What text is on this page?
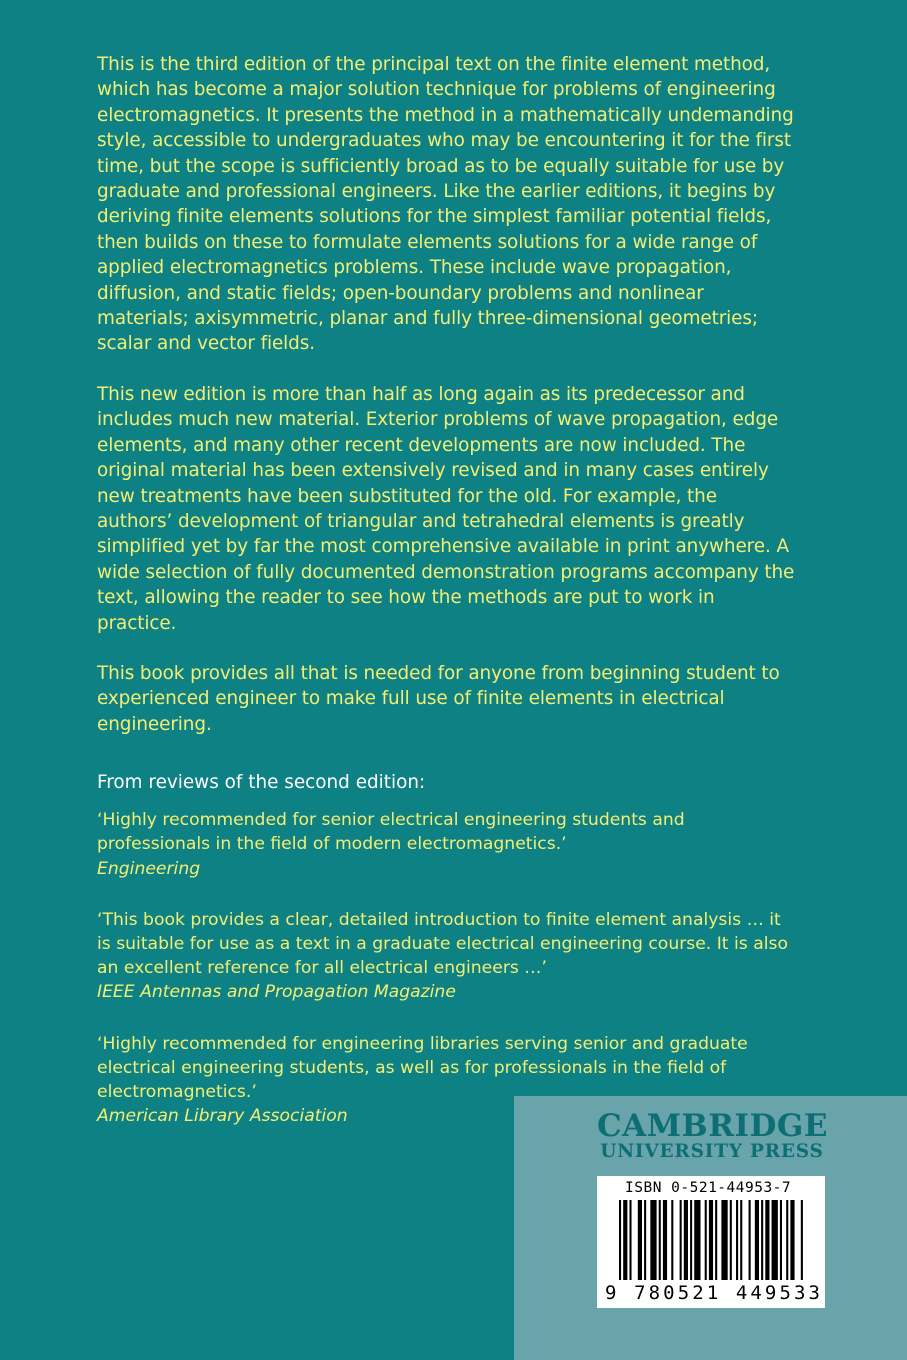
This is the third edition of the principal text on the finite element method, which has become a major solution technique for problems of engineering electromagnetics. It presents the method in a mathematically undemanding style, accessible to undergraduates who may be encountering it for the first time, but the scope is sufficiently broad as to be equally suitable for use by graduate and professional engineers. Like the earlier editions, it begins by deriving finite elements solutions for the simplest familiar potential fields, then builds on these to formulate elements solutions for a wide range of applied electromagnetics problems. These include wave propagation, diffusion, and static fields; open-boundary problems and nonlinear materials; axisymmetric, planar and fully three-dimensional geometries; scalar and vector fields.

This new edition is more than half as long again as its predecessor and includes much new material. Exterior problems of wave propagation, edge elements, and many other recent developments are now included. The original material has been extensively revised and in many cases entirely new treatments have been substituted for the old. For example, the authors’ development of triangular and tetrahedral elements is greatly simplified yet by far the most comprehensive available in print anywhere. A wide selection of fully documented demonstration programs accompany the text, allowing the reader to see how the methods are put to work in practice.

This book provides all that is needed for anyone from beginning student to experienced engineer to make full use of finite elements in electrical engineering.

From reviews of the second edition:
‘Highly recommended for senior electrical engineering students and professionals in the field of modern electromagnetics.’
Engineering
‘This book provides a clear, detailed introduction to finite element analysis … it is suitable for use as a text in a graduate electrical engineering course. It is also an excellent reference for all electrical engineers …’
IEEE Antennas and Propagation Magazine
‘Highly recommended for engineering libraries serving senior and graduate electrical engineering students, as well as for professionals in the field of electromagnetics.’
American Library Association	CAMBRIDGE
UNIVERSITY PRESS
ISBN 0-521-44953-7
9 780521 449533
